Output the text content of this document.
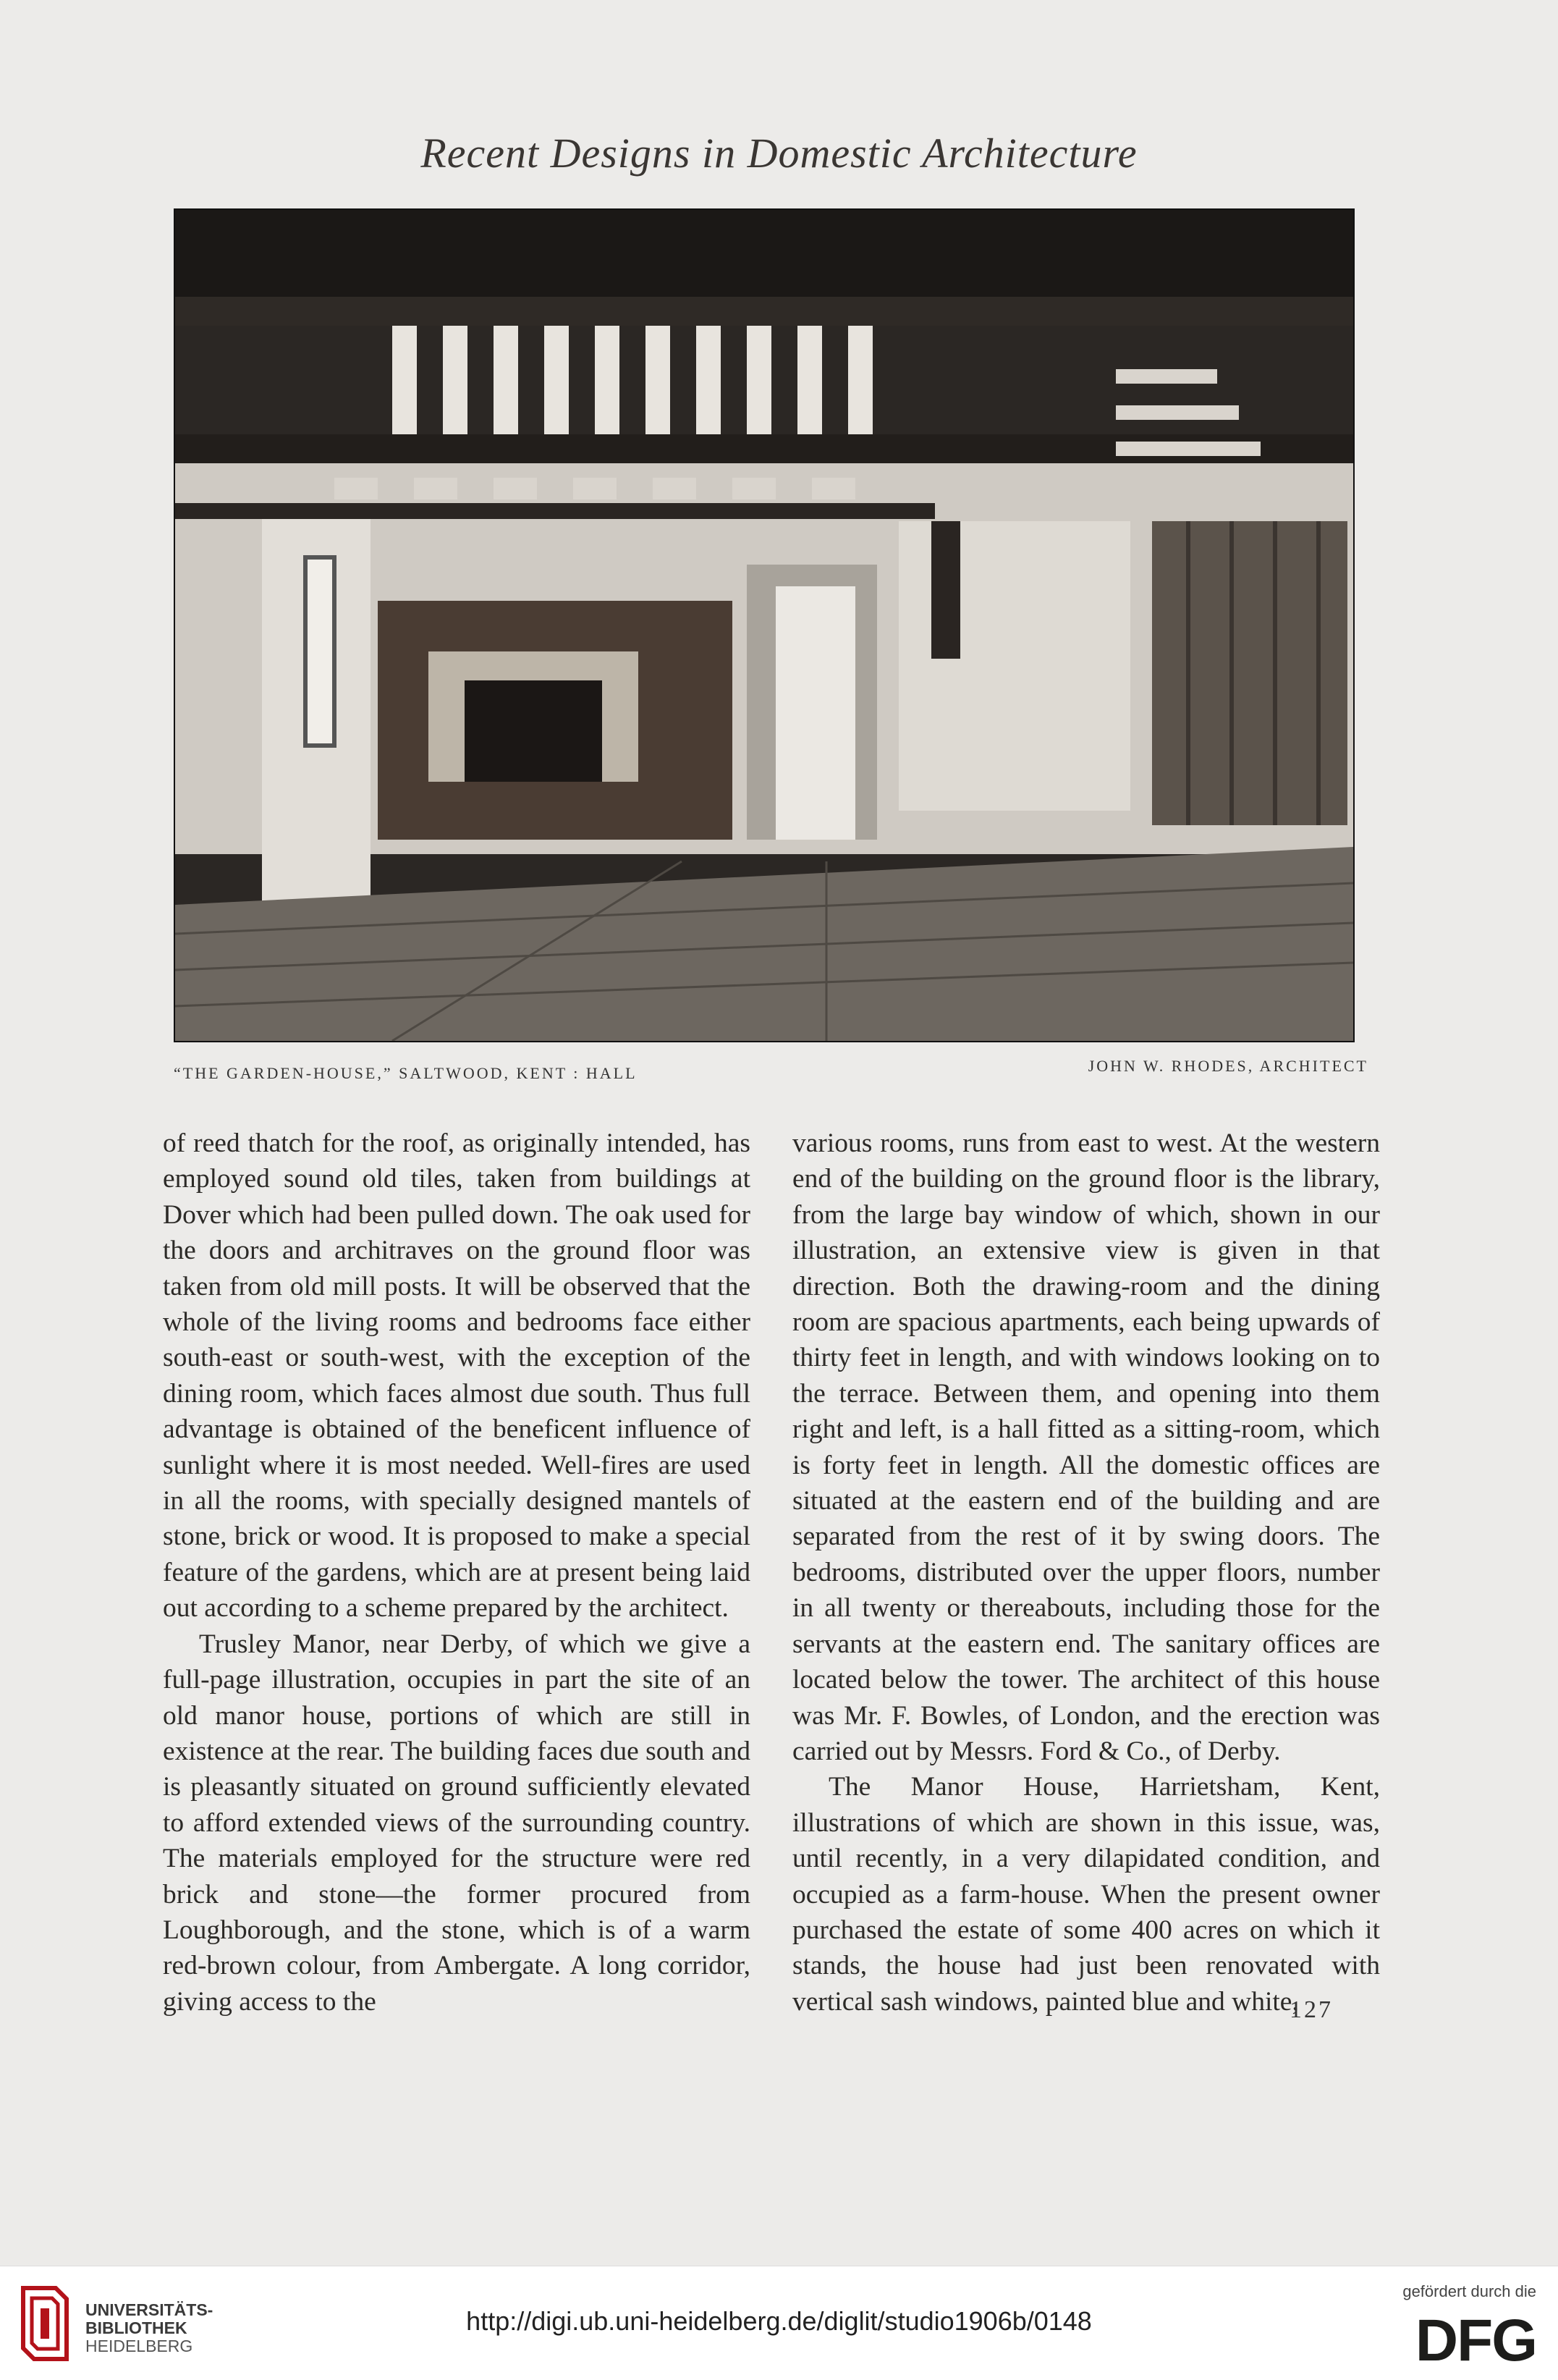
Recent Designs in Domestic Architecture
“THE GARDEN-HOUSE,” SALTWOOD, KENT : HALL	JOHN W. RHODES, ARCHITECT

of reed thatch for the roof, as originally intended, has employed sound old tiles, taken from buildings at Dover which had been pulled down. The oak used for the doors and architraves on the ground floor was taken from old mill posts. It will be observed that the whole of the living rooms and bedrooms face either south-east or south-west, with the exception of the dining room, which faces almost due south. Thus full advantage is obtained of the beneficent influence of sunlight where it is most needed. Well-fires are used in all the rooms, with specially designed mantels of stone, brick or wood. It is proposed to make a special feature of the gardens, which are at present being laid out according to a scheme prepared by the architect.

Trusley Manor, near Derby, of which we give a full-page illustration, occupies in part the site of an old manor house, portions of which are still in existence at the rear. The building faces due south and is pleasantly situated on ground sufficiently elevated to afford extended views of the surrounding country. The materials employed for the structure were red brick and stone—the former procured from Loughborough, and the stone, which is of a warm red-brown colour, from Ambergate. A long corridor, giving access to the

various rooms, runs from east to west. At the western end of the building on the ground floor is the library, from the large bay window of which, shown in our illustration, an extensive view is given in that direction. Both the drawing-room and the dining room are spacious apartments, each being upwards of thirty feet in length, and with windows looking on to the terrace. Between them, and opening into them right and left, is a hall fitted as a sitting-room, which is forty feet in length. All the domestic offices are situated at the eastern end of the building and are separated from the rest of it by swing doors. The bedrooms, distributed over the upper floors, number in all twenty or thereabouts, including those for the servants at the eastern end. The sanitary offices are located below the tower. The architect of this house was Mr. F. Bowles, of London, and the erection was carried out by Messrs. Ford & Co., of Derby.

The Manor House, Harrietsham, Kent, illustrations of which are shown in this issue, was, until recently, in a very dilapidated condition, and occupied as a farm-house. When the present owner purchased the estate of some 400 acres on which it stands, the house had just been renovated with vertical sash windows, painted blue and white,

127
UNIVERSITÄTS-
BIBLIOTHEK
HEIDELBERG
http://digi.ub.uni-heidelberg.de/diglit/studio1906b/0148
gefördert durch die
DFG
